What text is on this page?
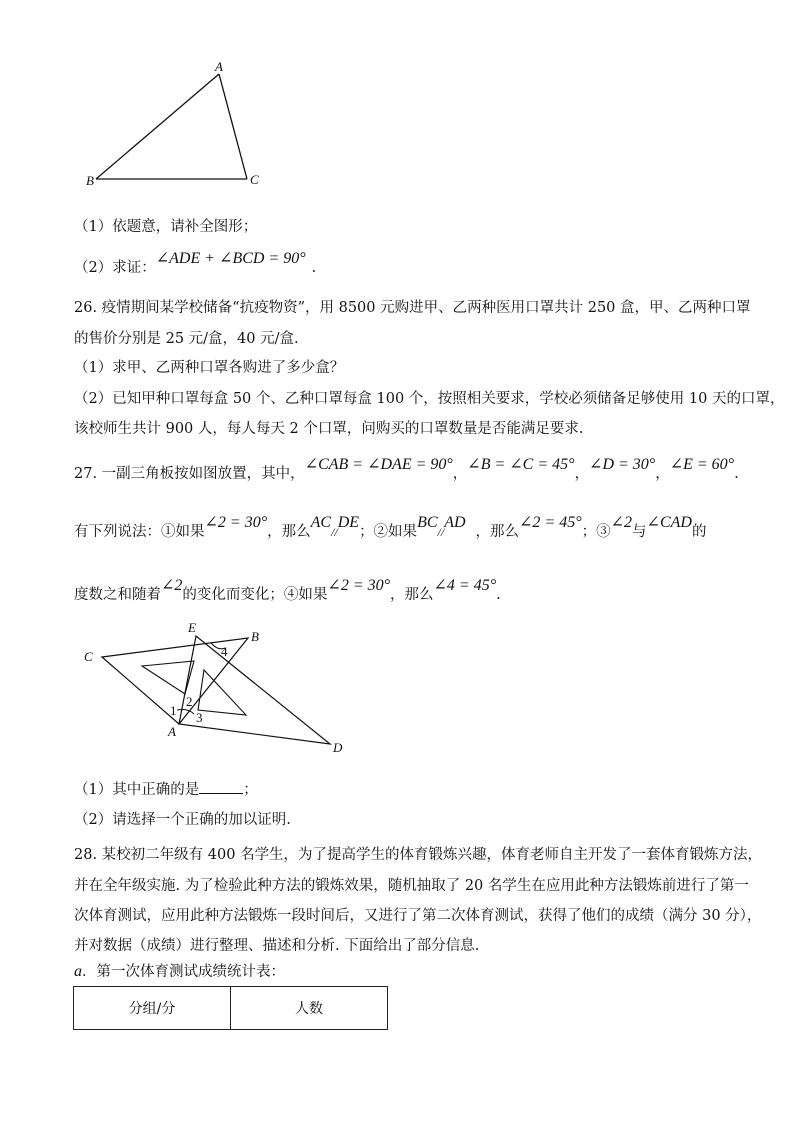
A
B	C
（1）依题意，请补全图形；
（2）求证：∠ADE + ∠BCD = 90°.
26. 疫情期间某学校储备“抗疫物资”，用 8500 元购进甲、乙两种医用口罩共计 250 盒，甲、乙两种口罩
的售价分别是 25 元/盒，40 元/盒.
（1）求甲、乙两种口罩各购进了多少盒？
（2）已知甲种口罩每盒 50 个、乙种口罩每盒 100 个，按照相关要求，学校必须储备足够使用 10 天的口罩，
该校师生共计 900 人，每人每天 2 个口罩，问购买的口罩数量是否能满足要求.
27. 一副三角板按如图放置，其中，∠CAB = ∠DAE = 90°，∠B = ∠C = 45°，∠D = 30°，∠E = 60°.
有下列说法：①如果∠2 = 30°，那么AC//DE；②如果BC//AD，那么∠2 = 45°；③∠2与∠CAD的
度数之和随着∠2的变化而变化；④如果∠2 = 30°，那么∠4 = 45°.
E
B
C
A
D
1
2
3
4
（1）其中正确的是	；
（2）请选择一个正确的加以证明.
28. 某校初二年级有 400 名学生，为了提高学生的体育锻炼兴趣，体育老师自主开发了一套体育锻炼方法，
并在全年级实施. 为了检验此种方法的锻炼效果，随机抽取了 20 名学生在应用此种方法锻炼前进行了第一
次体育测试，应用此种方法锻炼一段时间后，又进行了第二次体育测试，获得了他们的成绩（满分 30 分），
并对数据（成绩）进行整理、描述和分析. 下面给出了部分信息.
a．第一次体育测试成绩统计表：
分组/分	人数
